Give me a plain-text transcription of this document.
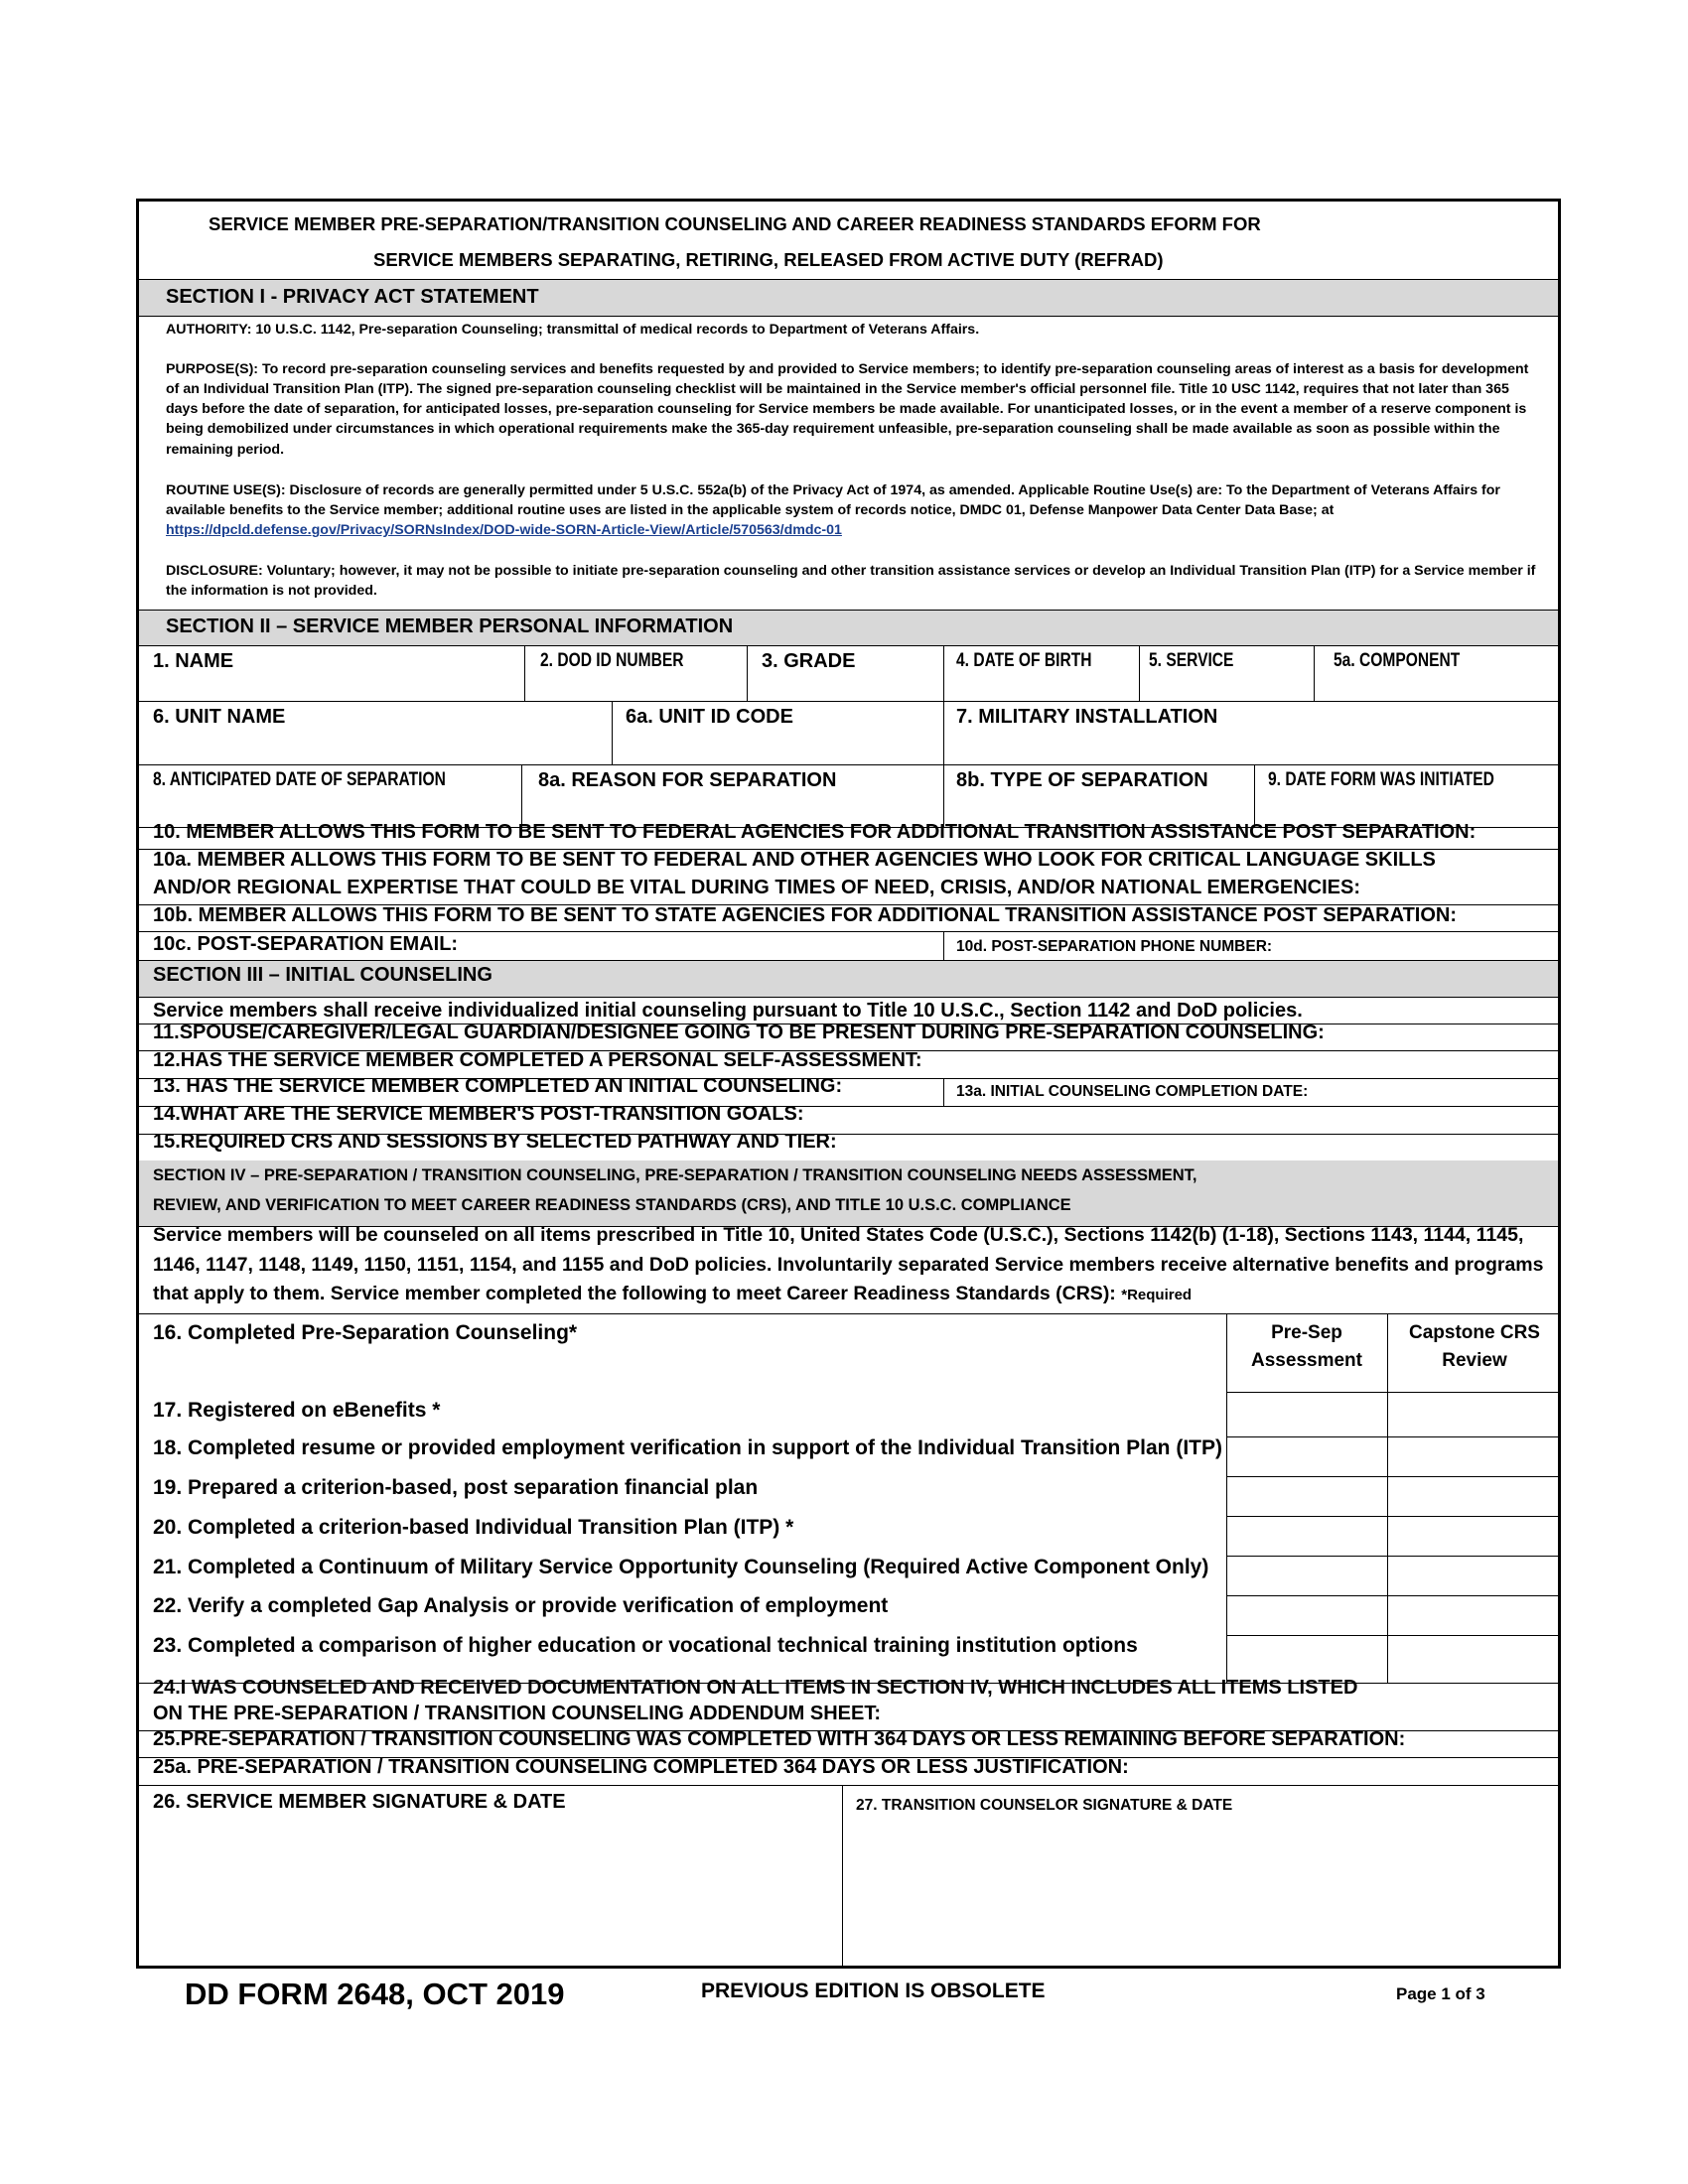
SERVICE MEMBER PRE-SEPARATION/TRANSITION COUNSELING AND CAREER READINESS STANDARDS EFORM FOR
SERVICE MEMBERS SEPARATING, RETIRING, RELEASED FROM ACTIVE DUTY (REFRAD)
SECTION I - PRIVACY ACT STATEMENT
AUTHORITY: 10 U.S.C. 1142, Pre-separation Counseling; transmittal of medical records to Department of Veterans Affairs.
PURPOSE(S): To record pre-separation counseling services and benefits requested by and provided to Service members; to identify pre-separation counseling areas of interest as a basis for development of an Individual Transition Plan (ITP). The signed pre-separation counseling checklist will be maintained in the Service member's official personnel file. Title 10 USC 1142, requires that not later than 365 days before the date of separation, for anticipated losses, pre-separation counseling for Service members be made available. For unanticipated losses, or in the event a member of a reserve component is being demobilized under circumstances in which operational requirements make the 365-day requirement unfeasible, pre-separation counseling shall be made available as soon as possible within the remaining period.
ROUTINE USE(S): Disclosure of records are generally permitted under 5 U.S.C. 552a(b) of the Privacy Act of 1974, as amended. Applicable Routine Use(s) are: To the Department of Veterans Affairs for available benefits to the Service member; additional routine uses are listed in the applicable system of records notice, DMDC 01, Defense Manpower Data Center Data Base; at https://dpcld.defense.gov/Privacy/SORNsIndex/DOD-wide-SORN-Article-View/Article/570563/dmdc-01
DISCLOSURE: Voluntary; however, it may not be possible to initiate pre-separation counseling and other transition assistance services or develop an Individual Transition Plan (ITP) for a Service member if the information is not provided.
SECTION II – SERVICE MEMBER PERSONAL INFORMATION
1. NAME	2. DOD ID NUMBER	3. GRADE	4. DATE OF BIRTH	5. SERVICE	5a. COMPONENT
6. UNIT NAME	6a. UNIT ID CODE	7. MILITARY INSTALLATION
8. ANTICIPATED DATE OF SEPARATION	8a. REASON FOR SEPARATION	8b. TYPE OF SEPARATION	9. DATE FORM WAS INITIATED
10. MEMBER ALLOWS THIS FORM TO BE SENT TO FEDERAL AGENCIES FOR ADDITIONAL TRANSITION ASSISTANCE POST SEPARATION:
10a. MEMBER ALLOWS THIS FORM TO BE SENT TO FEDERAL AND OTHER AGENCIES WHO LOOK FOR CRITICAL LANGUAGE SKILLS
AND/OR REGIONAL EXPERTISE THAT COULD BE VITAL DURING TIMES OF NEED, CRISIS, AND/OR NATIONAL EMERGENCIES:
10b. MEMBER ALLOWS THIS FORM TO BE SENT TO STATE AGENCIES FOR ADDITIONAL TRANSITION ASSISTANCE POST SEPARATION:
10c. POST-SEPARATION EMAIL:	10d. POST-SEPARATION PHONE NUMBER:
SECTION III – INITIAL COUNSELING
Service members shall receive individualized initial counseling pursuant to Title 10 U.S.C., Section 1142 and DoD policies.
11.SPOUSE/CAREGIVER/LEGAL GUARDIAN/DESIGNEE GOING TO BE PRESENT DURING PRE-SEPARATION COUNSELING:
12.HAS THE SERVICE MEMBER COMPLETED A PERSONAL SELF-ASSESSMENT:
13. HAS THE SERVICE MEMBER COMPLETED AN INITIAL COUNSELING:	13a. INITIAL COUNSELING COMPLETION DATE:
14.WHAT ARE THE SERVICE MEMBER'S POST-TRANSITION GOALS:
15.REQUIRED CRS AND SESSIONS BY SELECTED PATHWAY AND TIER:
SECTION IV – PRE-SEPARATION / TRANSITION COUNSELING, PRE-SEPARATION / TRANSITION COUNSELING NEEDS ASSESSMENT,
REVIEW, AND VERIFICATION TO MEET CAREER READINESS STANDARDS (CRS), AND TITLE 10 U.S.C. COMPLIANCE
Service members will be counseled on all items prescribed in Title 10, United States Code (U.S.C.), Sections 1142(b) (1-18), Sections 1143, 1144, 1145, 1146, 1147, 1148, 1149, 1150, 1151, 1154, and 1155 and DoD policies. Involuntarily separated Service members receive alternative benefits and programs that apply to them. Service member completed the following to meet Career Readiness Standards (CRS): *Required
Pre-Sep Assessment
Capstone CRS Review
16. Completed Pre-Separation Counseling*
17. Registered on eBenefits *
18. Completed resume or provided employment verification in support of the Individual Transition Plan (ITP)
19. Prepared a criterion-based, post separation financial plan
20. Completed a criterion-based Individual Transition Plan (ITP) *
21. Completed a Continuum of Military Service Opportunity Counseling (Required Active Component Only)
22. Verify a completed Gap Analysis or provide verification of employment
23. Completed a comparison of higher education or vocational technical training institution options
24.I WAS COUNSELED AND RECEIVED DOCUMENTATION ON ALL ITEMS IN SECTION IV, WHICH INCLUDES ALL ITEMS LISTED
ON THE PRE-SEPARATION / TRANSITION COUNSELING ADDENDUM SHEET:
25.PRE-SEPARATION / TRANSITION COUNSELING WAS COMPLETED WITH 364 DAYS OR LESS REMAINING BEFORE SEPARATION:
25a. PRE-SEPARATION / TRANSITION COUNSELING COMPLETED 364 DAYS OR LESS JUSTIFICATION:
26. SERVICE MEMBER SIGNATURE & DATE	27. TRANSITION COUNSELOR SIGNATURE & DATE
DD FORM 2648, OCT 2019	PREVIOUS EDITION IS OBSOLETE	Page 1 of 3
